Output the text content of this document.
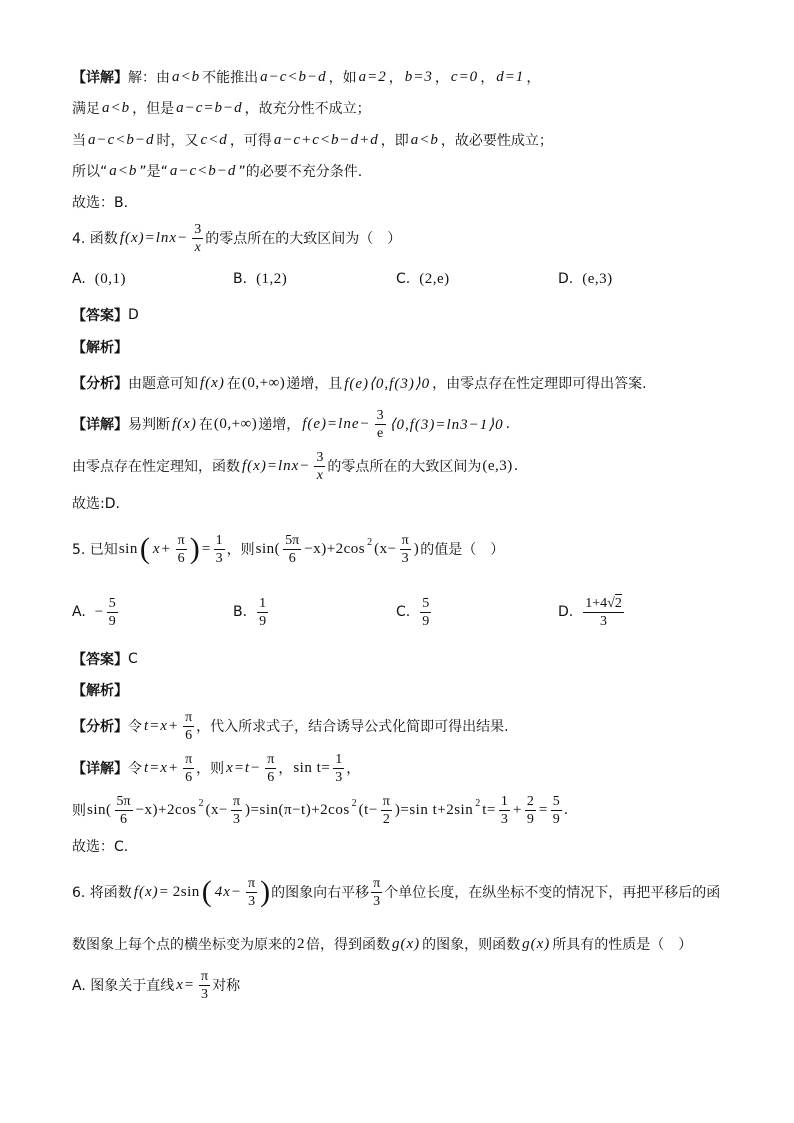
【详解】 解：由 a<b 不能推出 a−c<b−d ，如 a=2 ， b=3 ， c=0 ， d=1 ，
满足 a<b ，但是 a−c=b−d ，故充分性不成立；
当 a−c<b−d 时，又 c<d ，可得 a−c+c<b−d+d ，即 a<b ，故必要性成立；
所以“ a<b ”是“ a−c<b−d ”的必要不充分条件.
故选：B.
4. 函数 $f(x)=\ln x- \frac{3}{x}$ 的零点所在的大致区间为（　）
A. (0,1)	B. (1,2)	C. (2,e)	D. (e,3)
【答案】 D
【解析】
【分析】 由题意可知 f(x) 在 (0,+∞) 递增，且 f(e)⟨0,f(3)⟩0 ，由零点存在性定理即可得出答案.
【详解】 易判断 f(x) 在 (0,+∞) 递增， $f(e)=\ln e- \frac{3}{e}$ ⟨0,f(3)=ln3−1⟩0 .
由零点存在性定理知，函数 $f(x)=\ln x- \frac{3}{x}$ 的零点所在的大致区间为 (e,3) .
故选:D.
5. 已知 sin ( $x+ \frac{\pi}{6}$ ) = $\frac{1}{3}$ ，则 $\sin( \frac{5\pi}{6} -x)+2\cos$ 2 ($x- \frac{\pi}{3}$ ) 的值是（　）
A. − $\frac{5}{9}$	B. $\frac{1}{9}$	C. $\frac{5}{9}$	D. $\frac{1+4√2}{3}$
【答案】 C
【解析】
【分析】 令 $t=x+ \frac{\pi}{6}$ ，代入所求式子，结合诱导公式化简即可得出结果.
【详解】 令 $t=x+ \frac{\pi}{6}$ ，则 $x=t- \frac{\pi}{6}$ ， $\sin t= \frac{1}{3}$ ，
则 $\sin( \frac{5\pi}{6} -x)+2\cos$ 2 $(x- \frac{\pi}{3} )=\sin(\pi-t)+2\cos$ 2 $(t- \frac{\pi}{2} )=\sin$ t+2sin 2 $t= \frac{1}{3} + \frac{2}{9} = \frac{5}{9}$ .
故选：C.
6. 将函数 f(x)= 2sin ( $4x- \frac{\pi}{3}$ ) 的图象向右平移 $\frac{\pi}{3}$ 个单位长度，在纵坐标不变的情况下，再把平移后的函
数图象上每个点的横坐标变为原来的 2 倍，得到函数 g(x) 的图象，则函数 g(x) 所具有的性质是（　）
A. 图象关于直线 $x= \frac{\pi}{3}$ 对称
